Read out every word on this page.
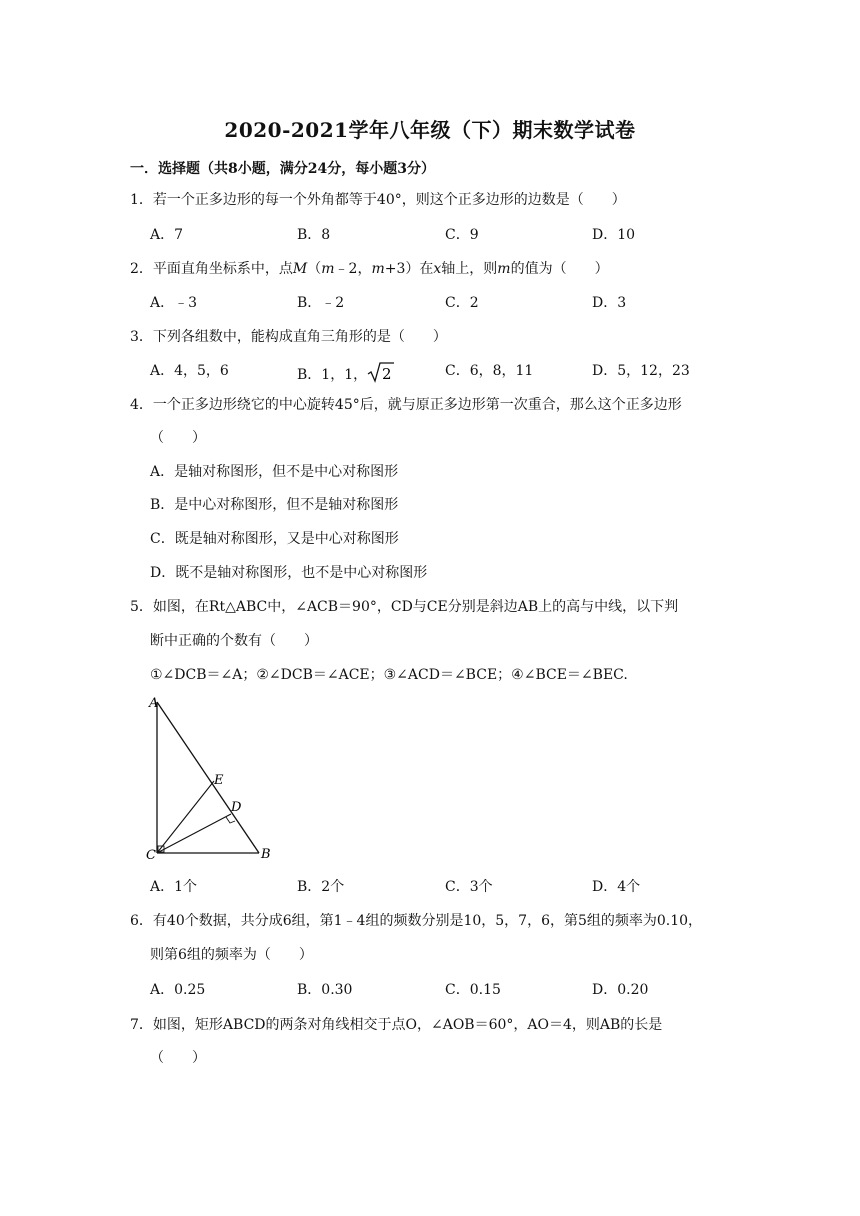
2020-2021学年八年级（下）期末数学试卷
一．选择题（共8小题，满分24分，每小题3分）
1．若一个正多边形的每一个外角都等于40°，则这个正多边形的边数是（　　）
A．7	B．8	C．9	D．10
2．平面直角坐标系中，点M（m﹣2，m+3）在x轴上，则m的值为（　　）
A．﹣3	B．﹣2	C．2	D．3
3．下列各组数中，能构成直角三角形的是（　　）
A．4，5，6	B．1，1， 2	C．6，8，11	D．5，12，23
4．一个正多边形绕它的中心旋转45°后，就与原正多边形第一次重合，那么这个正多边形
（　　）
A．是轴对称图形，但不是中心对称图形
B．是中心对称图形，但不是轴对称图形
C．既是轴对称图形，又是中心对称图形
D．既不是轴对称图形，也不是中心对称图形
5．如图，在Rt△ABC中，∠ACB＝90°，CD与CE分别是斜边AB上的高与中线，以下判
断中正确的个数有（　　）
①∠DCB＝∠A；②∠DCB＝∠ACE；③∠ACD＝∠BCE；④∠BCE＝∠BEC.
A
B
C
D
E
A．1个	B．2个	C．3个	D．4个
6．有40个数据，共分成6组，第1﹣4组的频数分别是10，5，7，6，第5组的频率为0.10，
则第6组的频率为（　　）
A．0.25	B．0.30	C．0.15	D．0.20
7．如图，矩形ABCD的两条对角线相交于点O，∠AOB＝60°，AO＝4，则AB的长是
（　　）
